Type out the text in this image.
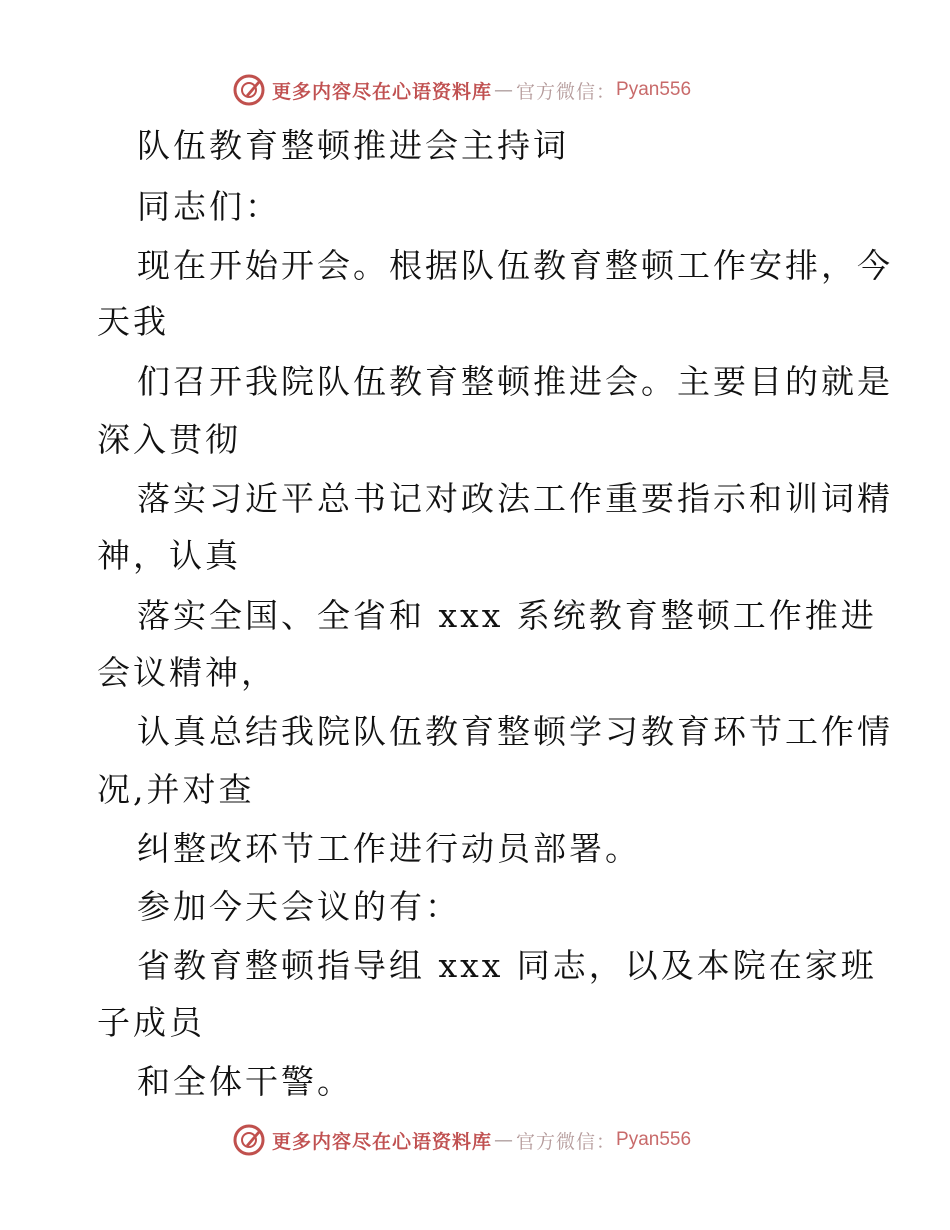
更多内容尽在心语资料库 — 官方微信： Pyan556
队伍教育整顿推进会主持词
同志们：
现在开始开会。根据队伍教育整顿工作安排，今
天我
们召开我院队伍教育整顿推进会。主要目的就是
深入贯彻
落实习近平总书记对政法工作重要指示和训词精
神，认真
落实全国、全省和 xxx 系统教育整顿工作推进
会议精神，
认真总结我院队伍教育整顿学习教育环节工作情
况,并对查
纠整改环节工作进行动员部署。
参加今天会议的有：
省教育整顿指导组 xxx 同志，以及本院在家班
子成员
和全体干警。
更多内容尽在心语资料库 — 官方微信： Pyan556
